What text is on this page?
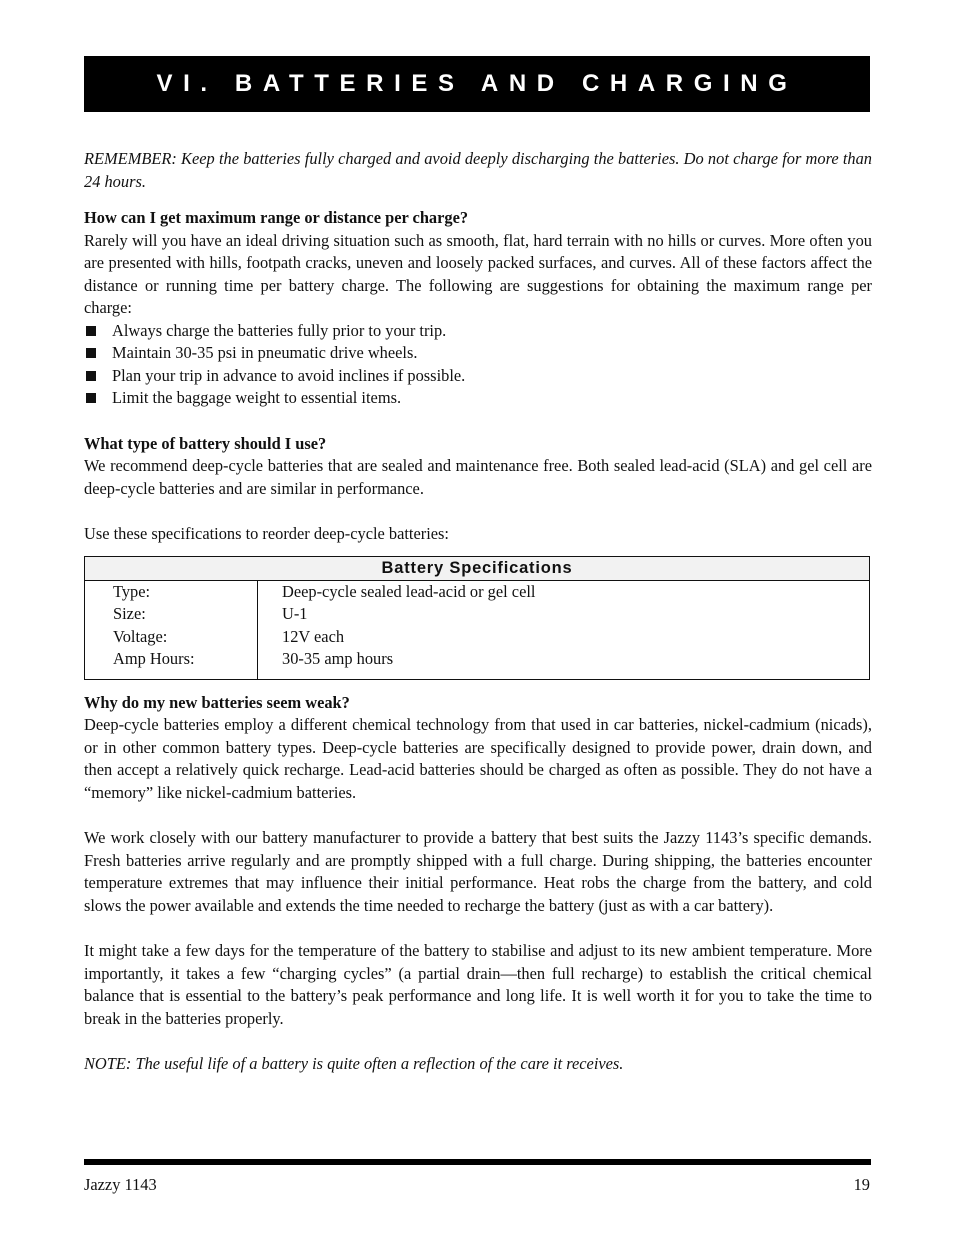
VI. BATTERIES AND CHARGING

REMEMBER: Keep the batteries fully charged and avoid deeply discharging the batteries. Do not charge for more than 24 hours.

How can I get maximum range or distance per charge?

Rarely will you have an ideal driving situation such as smooth, flat, hard terrain with no hills or curves. More often you are presented with hills, footpath cracks, uneven and loosely packed surfaces, and curves. All of these factors affect the distance or running time per battery charge. The following are suggestions for obtaining the maximum range per charge:

Always charge the batteries fully prior to your trip.
Maintain 30-35 psi in pneumatic drive wheels.
Plan your trip in advance to avoid inclines if possible.
Limit the baggage weight to essential items.

What type of battery should I use?

We recommend deep-cycle batteries that are sealed and maintenance free. Both sealed lead-acid (SLA) and gel cell are deep-cycle batteries and are similar in performance.

Use these specifications to reorder deep-cycle batteries:

Battery Specifications	
Type:	Deep-cycle sealed lead-acid or gel cell
Size:	U-1
Voltage:	12V each
Amp Hours:	30-35 amp hours

Why do my new batteries seem weak?

Deep-cycle batteries employ a different chemical technology from that used in car batteries, nickel-cadmium (nicads), or in other common battery types. Deep-cycle batteries are specifically designed to provide power, drain down, and then accept a relatively quick recharge. Lead-acid batteries should be charged as often as possible. They do not have a “memory” like nickel-cadmium batteries.

We work closely with our battery manufacturer to provide a battery that best suits the Jazzy 1143’s specific demands. Fresh batteries arrive regularly and are promptly shipped with a full charge. During shipping, the batteries encounter temperature extremes that may influence their initial performance. Heat robs the charge from the battery, and cold slows the power available and extends the time needed to recharge the battery (just as with a car battery).

It might take a few days for the temperature of the battery to stabilise and adjust to its new ambient temperature. More importantly, it takes a few “charging cycles” (a partial drain—then full recharge) to establish the critical chemical balance that is essential to the battery’s peak performance and long life. It is well worth it for you to take the time to break in the batteries properly.

NOTE: The useful life of a battery is quite often a reflection of the care it receives.

Jazzy 1143	19
